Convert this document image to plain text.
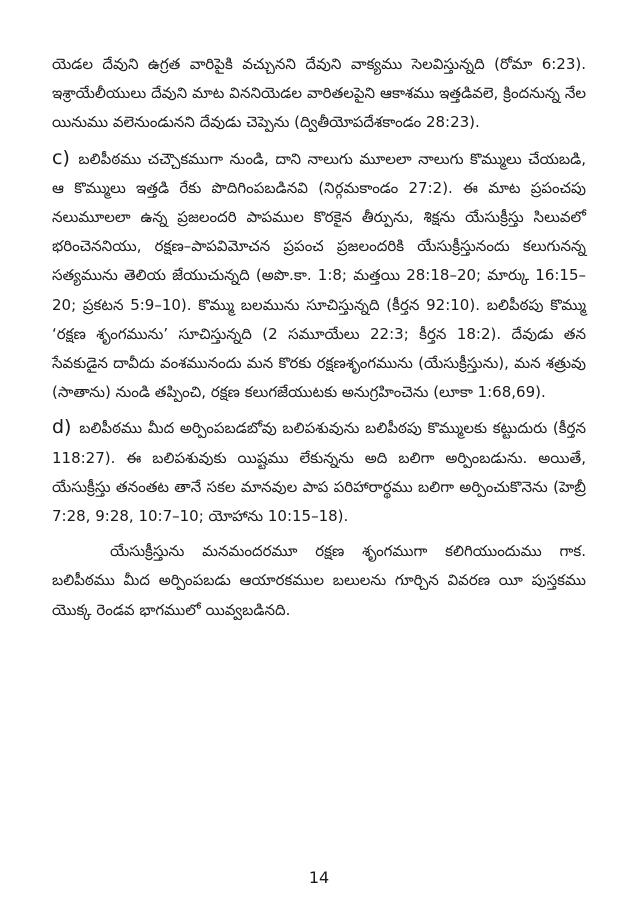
యెడల దేవుని ఉగ్రత వారిపైకి వచ్చునని దేవుని వాక్యము సెలవిస్తున్నది (రోమా 6:23). ఇశ్రాయేలీయులు దేవుని మాట విననియెడల వారితలపైని ఆకాశము ఇత్తడివలె, క్రిందనున్న నేల యినుము వలెనుండునని దేవుడు చెప్పెను (ద్వితీయోపదేశకాండం 28:23).

c) బలిపీఠము చచ్చౌకముగా నుండి, దాని నాలుగు మూలలా నాలుగు కొమ్ములు చేయబడి, ఆ కొమ్ములు ఇత్తడి రేకు పొదిగింపబడినవి (నిర్గమకాండం 27:2). ఈ మాట ప్రపంచపు నలుమూలలా ఉన్న ప్రజలందరి పాపముల కొరకైన తీర్పును, శిక్షను యేసుక్రీస్తు సిలువలో భరించెననియు, రక్షణ–పాపవిమోచన ప్రపంచ ప్రజలందరికి యేసుక్రీస్తునందు కలుగునన్న సత్యమును తెలియ జేయుచున్నది (అపొ.కా. 1:8; మత్తయి 28:18–20; మార్కు 16:15–20; ప్రకటన 5:9–10). కొమ్ము బలమును సూచిస్తున్నది (కీర్తన 92:10). బలిపీఠపు కొమ్ము ‘రక్షణ శృంగమును’ సూచిస్తున్నది (2 సమూయేలు 22:3; కీర్తన 18:2). దేవుడు తన సేవకుడైన దావీదు వంశమునందు మన కొరకు రక్షణశృంగమును (యేసుక్రీస్తును), మన శత్రువు (సాతాను) నుండి తప్పించి, రక్షణ కలుగజేయుటకు అనుగ్రహించెను (లూకా 1:68,69).

d) బలిపీఠము మీద అర్పింపబడబోవు బలిపశువును బలిపీఠపు కొమ్ములకు కట్టుదురు (కీర్తన 118:27). ఈ బలిపశువుకు యిష్టము లేకున్నను అది బలిగా అర్పింబడును. అయితే, యేసుక్రీస్తు తనంతట తానే సకల మానవుల పాప పరిహారార్థము బలిగా అర్పించుకొనెను (హెబ్రీ 7:28, 9:28, 10:7–10; యోహాను 10:15–18).

యేసుక్రీస్తును మనమందరమూ రక్షణ శృంగముగా కలిగియుందుము గాక. బలిపీఠము మీద అర్పింపబడు ఆయారకముల బలులను గూర్చిన వివరణ యీ పుస్తకము యొక్క రెండవ భాగములో యివ్వబడినది.

14
